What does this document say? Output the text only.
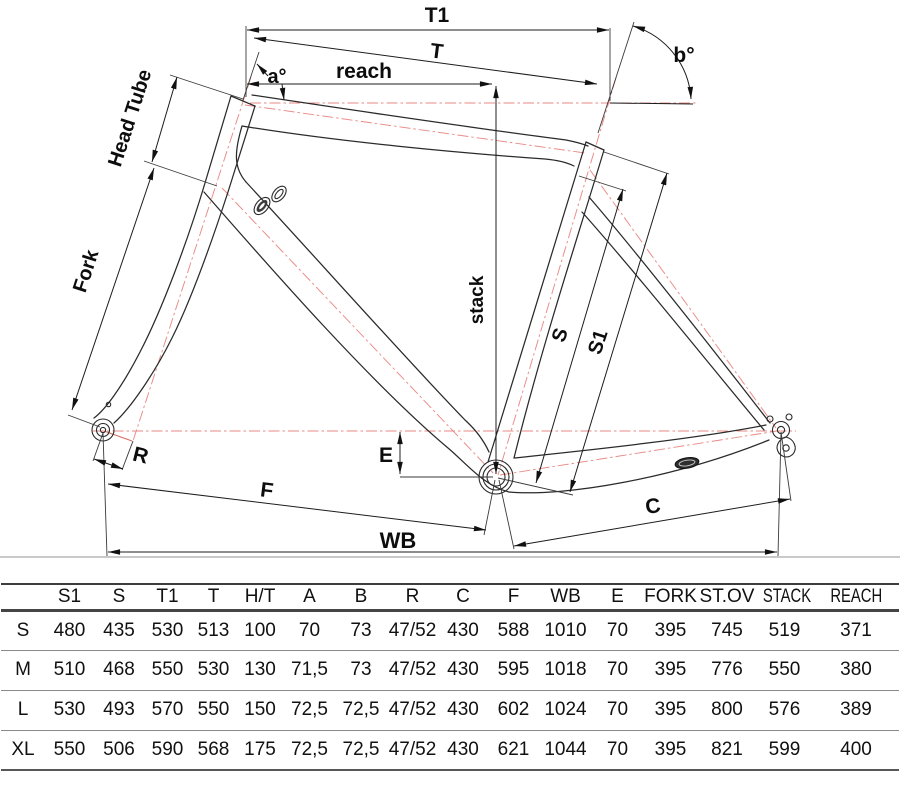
T1
T
reach
a°
b°
Head Tube
Fork
stack
S S1
R	E
F
WB
C
	S1	S	T1	T	H/T	A	B	R	C	F	WB	E	FORK	ST.OV	STACK	REACH
S	480	435	530	513	100	70	73	47/52	430	588	1010	70	395	745	519	371
M	510	468	550	530	130	71,5	73	47/52	430	595	1018	70	395	776	550	380
L	530	493	570	550	150	72,5	72,5	47/52	430	602	1024	70	395	800	576	389
XL	550	506	590	568	175	72,5	72,5	47/52	430	621	1044	70	395	821	599	400
